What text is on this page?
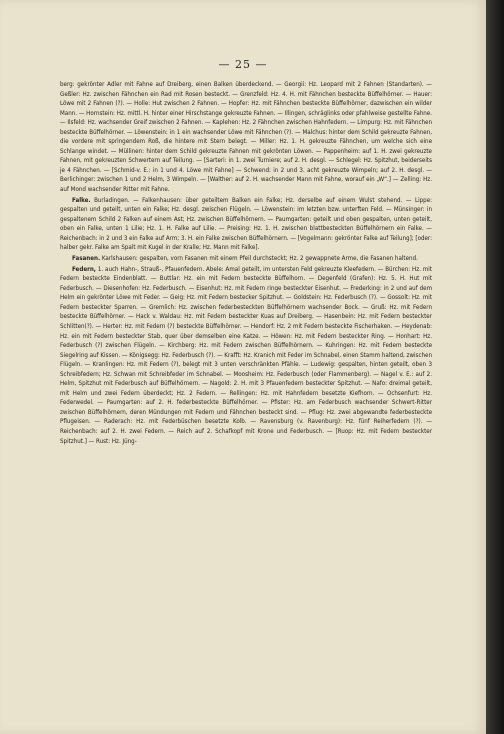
— 25 —

berg: gekrönter Adler mit Fahne auf Dreiberg, einen Balken überdeckend. — Georgii: Hz. Leopard mit 2 Fahnen (Standarten). — Geßler: Hz. zwischen Fähnchen ein Rad mit Rosen besteckt. — Grenzfeld: Hz. 4. H. mit Fähnchen besteckte Büffelhörner. — Hauer: Löwe mit 2 Fahnen (?). — Holle: Hut zwischen 2 Fahnen. — Hopfer: Hz. mit Fähnchen besteckte Büffelhörner, dazwischen ein wilder Mann. — Hornstein: Hz. mittl. H. hinter einer Hirschstange gekreuzte Fahnen. — Illingen, schräglinks oder pfahlweise gestellte Fahne. — Ilsfeld: Hz. wachsender Greif zwischen 2 Fahnen. — Kaplehen: Hz. 2 Fähnchen zwischen Hahnfedern. — Limpurg: Hz. mit Fähnchen besteckte Büffelhörner. — Löwenstein: in 1 ein wachsender Löwe mit Fähnchen (?). — Malchus: hinter dem Schild gekreuzte Fahnen, die vordere mit springendem Roß, die hintere mit Stern belegt. — Miller: Hz. 1. H. gekreuzte Fähnchen, um welche sich eine Schlange windet. — Müllinen: hinter dem Schild gekreuzte Fahnen mit gekrönten Löwen. — Pappenheim: auf 1. H. zwei gekreuzte Fahnen, mit gekreuzten Schwertern auf Teilung. — [Sarteri: in 1. zwei Turniere; auf 2. H. desgl. — Schlegel: Hz. Spitzhut, beiderseits je 4 Fähnchen. — [Schmid-v. E.: in 1 und 4. Löwe mit Fahne] — Schwend: in 2 und 3. acht gekreuzte Wimpeln; auf 2. H. desgl. — Berlichinger: zwischen 1 und 2 Helm, 3 Wimpeln. — [Walther: auf 2. H. wachsender Mann mit Fahne, worauf ein „W“.] — Zelling: Hz. auf Mond wachsender Ritter mit Fahne.

Falke. Burladingen. — Falkenhausen: über geteiltem Balken ein Falke; Hz. derselbe auf einem Wulst stehend. — Lippe: gespalten und geteilt, unten ein Falke; Hz. desgl. zwischen Flügeln. — Löwenstein: im letzten bzw. unterften Feld. — Münsinger: in gespaltenem Schild 2 Falken auf einem Ast; Hz. zwischen Büffelhörnern. — Paumgarten: geteilt und oben gespalten, unten geteilt, oben ein Falke, unten 1 Lilie; Hz. 1. H. Falke auf Lilie. — Preising: Hz. 1. H. zwischen blattbesteckten Büffelhörnern ein Falke. — Reichenbach: in 2 und 3 ein Falke auf Arm; 3. H. ein Falke zwischen Büffelhörnern. — [Vogelmann: gekrönter Falke auf Teilung]; [oder: halber gekr. Falke am Spalt mit Kugel in der Kralle; Hz. Mann mit Falke].

Fasanen. Karlshausen: gespalten, vorn Fasanen mit einem Pfeil durchsteckt; Hz. 2 gewappnete Arme, die Fasanen haltend.

Federn, 1. auch Hahn-, Strauß-, Pfauenfedern. Abele: Amal geteilt, im untersten Feld gekreuzte Kleefedern. — Bürchen: Hz. mit Federn besteckte Eindenblatt. — Buttlar: Hz. ein mit Federn besteckte Büffelhorn. — Degenfeld (Grafen): Hz. 5. H. Hut mit Federbusch. — Diesenhofen: Hz. Federbusch. — Eisenhut: Hz. mit Federn ringe besteckter Eisenhut. — Frederking: in 2 und auf dem Helm ein gekrönter Löwe mit Feder. — Geig: Hz. mit Federn bestecker Spitzhut. — Goldstein: Hz. Federbusch (?). — Gossolt: Hz. mit Federn besteckter Sparren. — Gremlich: Hz. zwischen federbesteckten Büffelhörnern wachsender Bock. — Gruß: Hz. mit Federn besteckte Büffelhörner. — Hack v. Waldau: Hz. mit Federn besteckter Kuas auf Dreiberg. — Hasenbein: Hz. mit Federn besteckter Schlitten(?). — Herter: Hz. mit Federn (?) besteckte Büffelhörner. — Hendorf: Hz. 2 mit Federn besteckte Fischerhaken. — Heydenab: Hz. ein mit Federn besteckter Stab, quer über demselben eine Katze. — Höwen: Hz. mit Federn besteckter Ring. — Honhart: Hz. Federbusch (?) zwischen Flügeln. — Kirchberg: Hz. mit Federn zwischen Büffelhörnern. — Kuhringen: Hz. mit Federn besteckte Siegelring auf Kissen. — Königsegg: Hz. Federbusch (?). — Krafft: Hz. Kranich mit Feder im Schnabel, einen Stamm haltend, zwischen Flügeln. — Kranlingen: Hz. mit Federn (?), belegt mit 3 unten verschränkten Pfähle. — Ludewig: gespalten, hinten geteilt, oben 3 Schreibfedern; Hz. Schwan mit Schreibfeder im Schnabel. — Moosheim: Hz. Federbusch (oder Flammenberg). — Nagel v. E.: auf 2. Helm, Spitzhut mit Federbusch auf Büffelhörnern. — Nagold: 2. H. mit 3 Pfauenfedern besteckter Spitzhut. — Nafo: dreimal geteilt, mit Helm und zwei Federn überdeckt; Hz. 2 Federn. — Rellingen: Hz. mit Hahnfedern besetzte Kiefhorn. — Ochsenfurt: Hz. Federwedel. — Paumgarten: auf 2. H. federbesteckte Büffelhörner. — Pfister: Hz. am Federbusch wachsender Schwert-Ritter zwischen Büffelhörnern, deren Mündungen mit Federn und Fähnchen besteckt sind. — Pflug: Hz. zwei abgewandte federbesteckte Pflugeisen. — Raderach: Hz. mit Federbüschen besetzte Kolb. — Ravensburg (v. Ravenburg): Hz. fünf Reiherfedern (?). — Reichenbach: auf 2. H. zwei Federn. — Reich auf 2. Schafkopf mit Krone und Federbusch. — [Ruop: Hz. mit Federn besteckter Spitzhut.] — Rust: Hz. Jüng-
